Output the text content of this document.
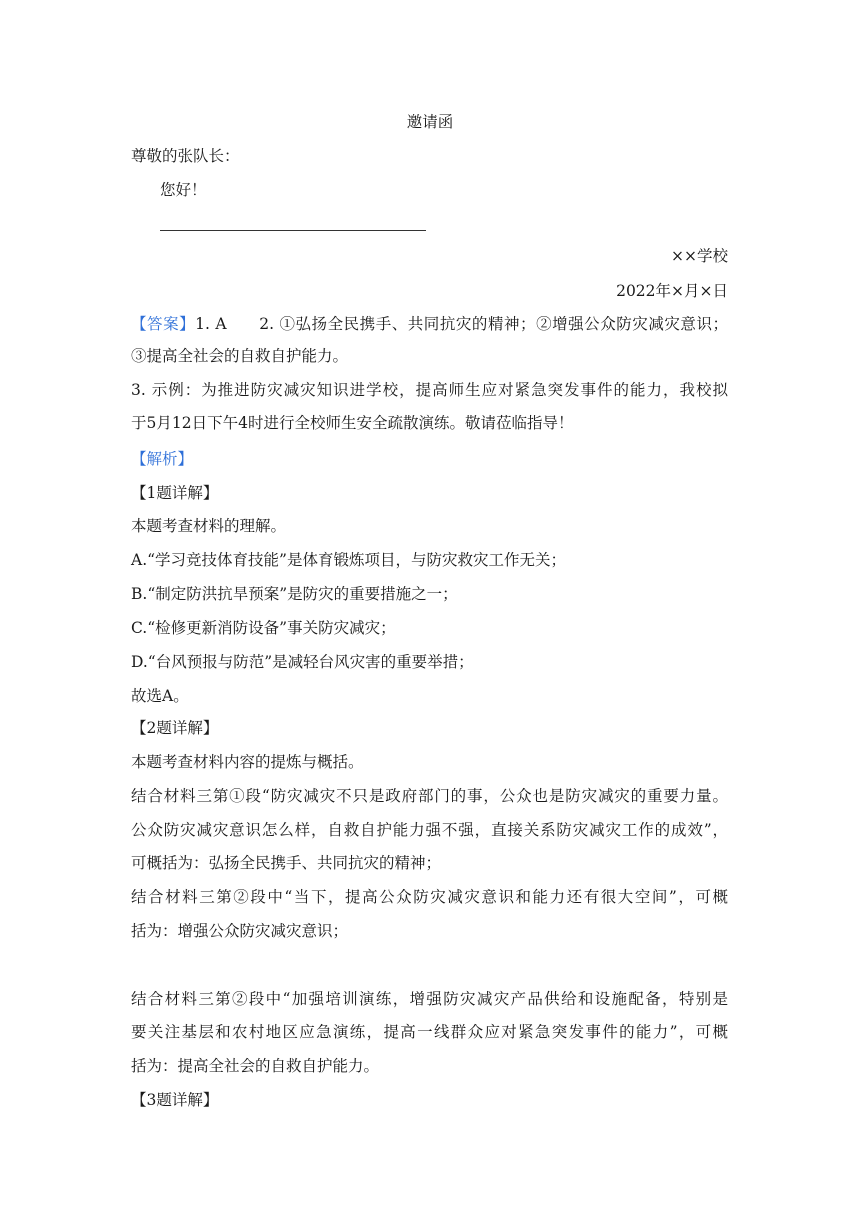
邀请函
尊敬的张队长：
您好！
××学校
2022年×月×日
【答案】1. A　　2. ①弘扬全民携手、共同抗灾的精神；②增强公众防灾减灾意识；
③提高全社会的自救自护能力。
3. 示例：为推进防灾减灾知识进学校，提高师生应对紧急突发事件的能力，我校拟
于5月12日下午4时进行全校师生安全疏散演练。敬请莅临指导！
【解析】
【1题详解】
本题考查材料的理解。
A.“学习竞技体育技能”是体育锻炼项目，与防灾救灾工作无关；
B.“制定防洪抗旱预案”是防灾的重要措施之一；
C.“检修更新消防设备”事关防灾减灾；
D.“台风预报与防范”是减轻台风灾害的重要举措；
故选A。
【2题详解】
本题考查材料内容的提炼与概括。
结合材料三第①段“防灾减灾不只是政府部门的事，公众也是防灾减灾的重要力量。
公众防灾减灾意识怎么样，自救自护能力强不强，直接关系防灾减灾工作的成效”，
可概括为：弘扬全民携手、共同抗灾的精神；
结合材料三第②段中“当下，提高公众防灾减灾意识和能力还有很大空间”，可概
括为：增强公众防灾减灾意识；
结合材料三第②段中“加强培训演练，增强防灾减灾产品供给和设施配备，特别是
要关注基层和农村地区应急演练，提高一线群众应对紧急突发事件的能力”，可概
括为：提高全社会的自救自护能力。
【3题详解】
